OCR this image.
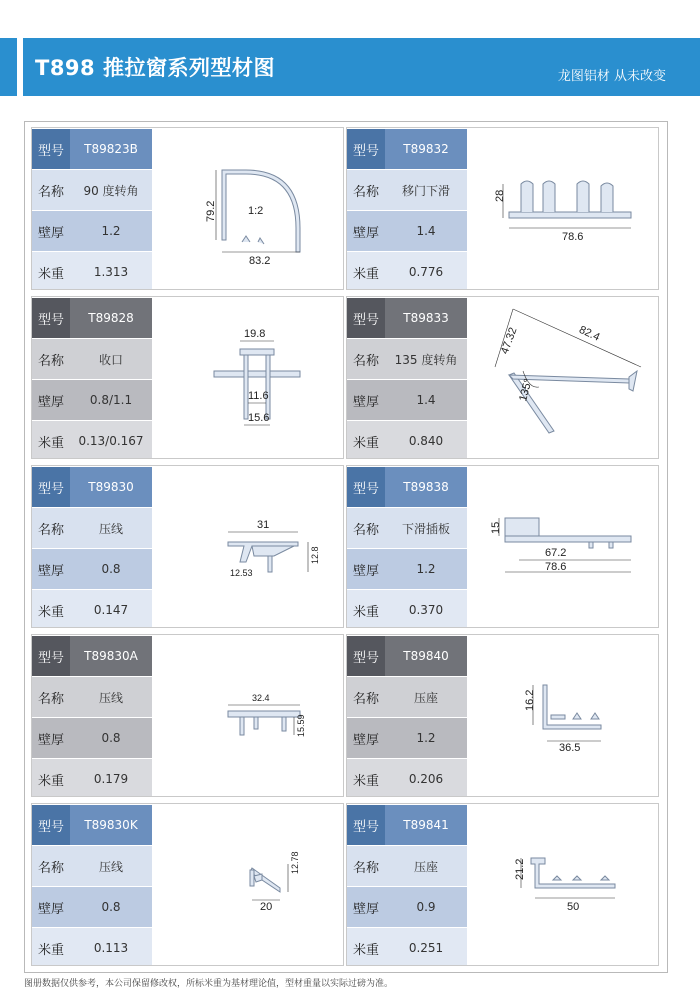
T898 推拉窗系列型材图	龙图铝材 从未改变
型号	T89823B
名称	90 度转角
壁厚	1.2
米重	1.313
79.2	1:2
83.2
型号	T89832
名称	移门下滑
壁厚	1.4
米重	0.776
28
78.6
型号	T89828
名称	收口
壁厚	0.8/1.1
米重	0.13/0.167
19.8
11.6
15.6
型号	T89833
名称	135 度转角
壁厚	1.4
米重	0.840
47.32	82.4
135°
型号	T89830
名称	压线
壁厚	0.8
米重	0.147
31
12.8
12.53
型号	T89838
名称	下滑插板
壁厚	1.2
米重	0.370
15
67.2
78.6
型号	T89830A
名称	压线
壁厚	0.8
米重	0.179
32.4
15.59
型号	T89840
名称	压座
壁厚	1.2
米重	0.206
16.2
36.5
型号	T89830K
名称	压线
壁厚	0.8
米重	0.113
12.78
20
型号	T89841
名称	压座
壁厚	0.9
米重	0.251
21.2
50
图册数据仅供参考，本公司保留修改权，所标米重为基材理论值，型材重量以实际过磅为准。
